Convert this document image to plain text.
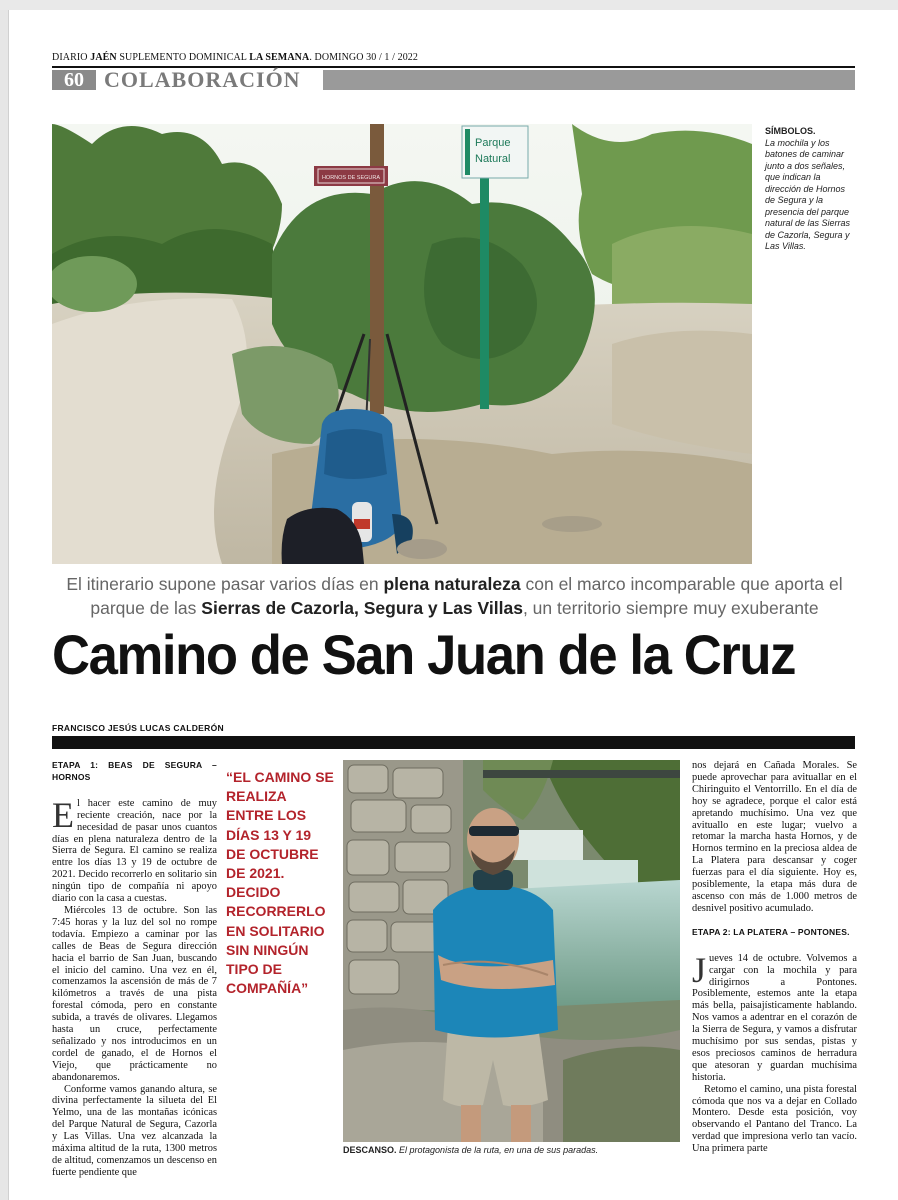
DIARIO JAÉN SUPLEMENTO DOMINICAL LA SEMANA. DOMINGO 30 / 1 / 2022
60 COLABORACIÓN
HORNOS DE SEGURA
Parque
Natural
SÍMBOLOS.
La mochila y los batones de caminar junto a dos señales, que indican la dirección de Hornos de Segura y la presencia del parque natural de las Sierras de Cazorla, Segura y Las Villas.
El itinerario supone pasar varios días en plena naturaleza con el marco incomparable que aporta el parque de las Sierras de Cazorla, Segura y Las Villas, un territorio siempre muy exuberante
Camino de San Juan de la Cruz
FRANCISCO JESÚS LUCAS CALDERÓN
ETAPA 1: BEAS DE SEGURA – HORNOS

El hacer este camino de muy reciente creación, nace por la necesidad de pasar unos cuantos días en plena naturaleza dentro de la Sierra de Segura. El camino se realiza entre los días 13 y 19 de octubre de 2021. Decido recorrerlo en solitario sin ningún tipo de compañía ni apoyo diario con la casa a cuestas.

Miércoles 13 de octubre. Son las 7:45 horas y la luz del sol no rompe todavía. Empiezo a caminar por las calles de Beas de Segura dirección hacia el barrio de San Juan, buscando el inicio del camino. Una vez en él, comenzamos la ascensión de más de 7 kilómetros a través de una pista forestal cómoda, pero en constante subida, a través de olivares. Llegamos hasta un cruce, perfectamente señalizado y nos introducimos en un cordel de ganado, el de Hornos el Viejo, que prácticamente no abandonaremos.

Conforme vamos ganando altura, se divina perfectamente la silueta del El Yelmo, una de las montañas icónicas del Parque Natural de Segura, Cazorla y Las Villas. Una vez alcanzada la máxima altitud de la ruta, 1300 metros de altitud, comenzamos un descenso en fuerte pendiente que

“EL CAMINO SE REALIZA ENTRE LOS DÍAS 13 Y 19 DE OCTUBRE DE 2021. DECIDO RECORRERLO EN SOLITARIO SIN NINGÚN TIPO DE COMPAÑÍA”
DESCANSO. El protagonista de la ruta, en una de sus paradas.

nos dejará en Cañada Morales. Se puede aprovechar para avituallar en el Chiringuito el Ventorrillo. En el día de hoy se agradece, porque el calor está apretando muchísimo. Una vez que avituallo en este lugar; vuelvo a retomar la marcha hasta Hornos, y de Hornos termino en la preciosa aldea de La Platera para descansar y coger fuerzas para el día siguiente. Hoy es, posiblemente, la etapa más dura de ascenso con más de 1.000 metros de desnivel positivo acumulado.

ETAPA 2: LA PLATERA – PONTONES.

Jueves 14 de octubre. Volvemos a cargar con la mochila y para dirigirnos a Pontones. Posiblemente, estemos ante la etapa más bella, paisajísticamente hablando. Nos vamos a adentrar en el corazón de la Sierra de Segura, y vamos a disfrutar muchísimo por sus sendas, pistas y esos preciosos caminos de herradura que atesoran y guardan muchísima historia.

Retomo el camino, una pista forestal cómoda que nos va a dejar en Collado Montero. Desde esta posición, voy observando el Pantano del Tranco. La verdad que impresiona verlo tan vacío. Una primera parte
